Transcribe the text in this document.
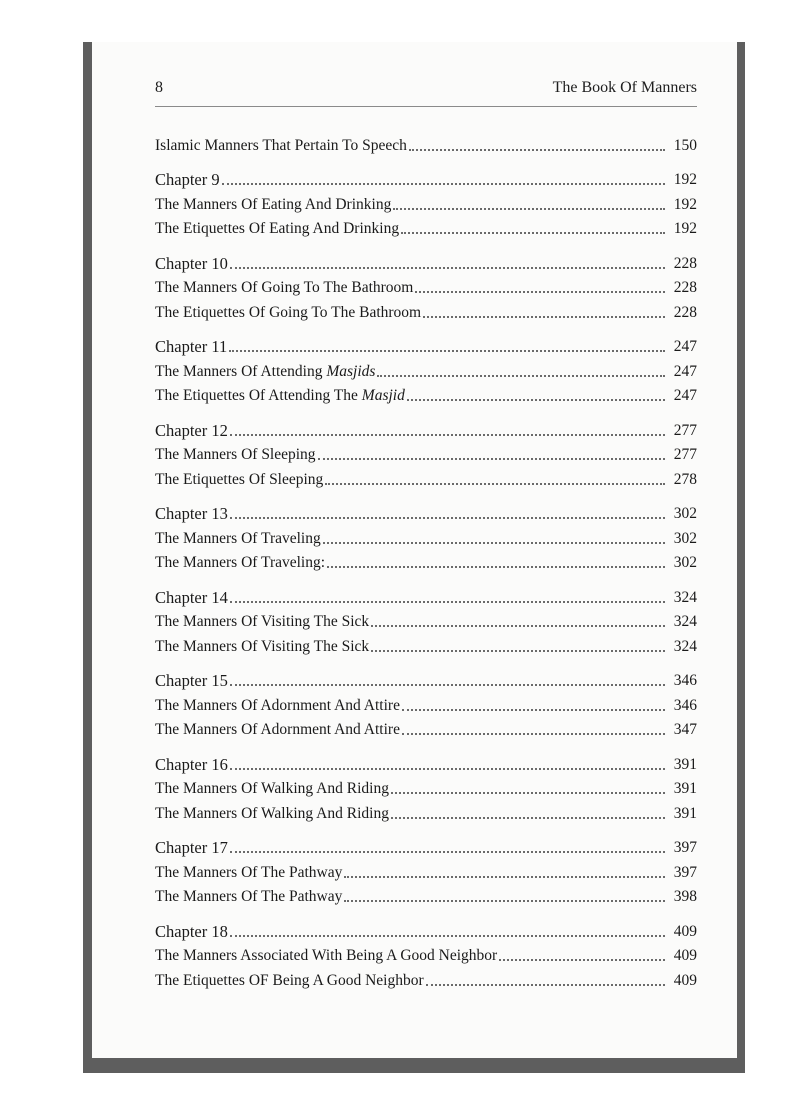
8	The Book Of Manners
Islamic Manners That Pertain To Speech	150
Chapter 9	192
The Manners Of Eating And Drinking	192
The Etiquettes Of Eating And Drinking	192
Chapter 10	228
The Manners Of Going To The Bathroom	228
The Etiquettes Of Going To The Bathroom	228
Chapter 11	247
The Manners Of Attending Masjids	247
The Etiquettes Of Attending The Masjid	247
Chapter 12	277
The Manners Of Sleeping	277
The Etiquettes Of Sleeping	278
Chapter 13	302
The Manners Of Traveling	302
The Manners Of Traveling:	302
Chapter 14	324
The Manners Of Visiting The Sick	324
The Manners Of Visiting The Sick	324
Chapter 15	346
The Manners Of Adornment And Attire	346
The Manners Of Adornment And Attire	347
Chapter 16	391
The Manners Of Walking And Riding	391
The Manners Of Walking And Riding	391
Chapter 17	397
The Manners Of The Pathway	397
The Manners Of The Pathway	398
Chapter 18	409
The Manners Associated With Being A Good Neighbor	409
The Etiquettes OF Being A Good Neighbor	409
